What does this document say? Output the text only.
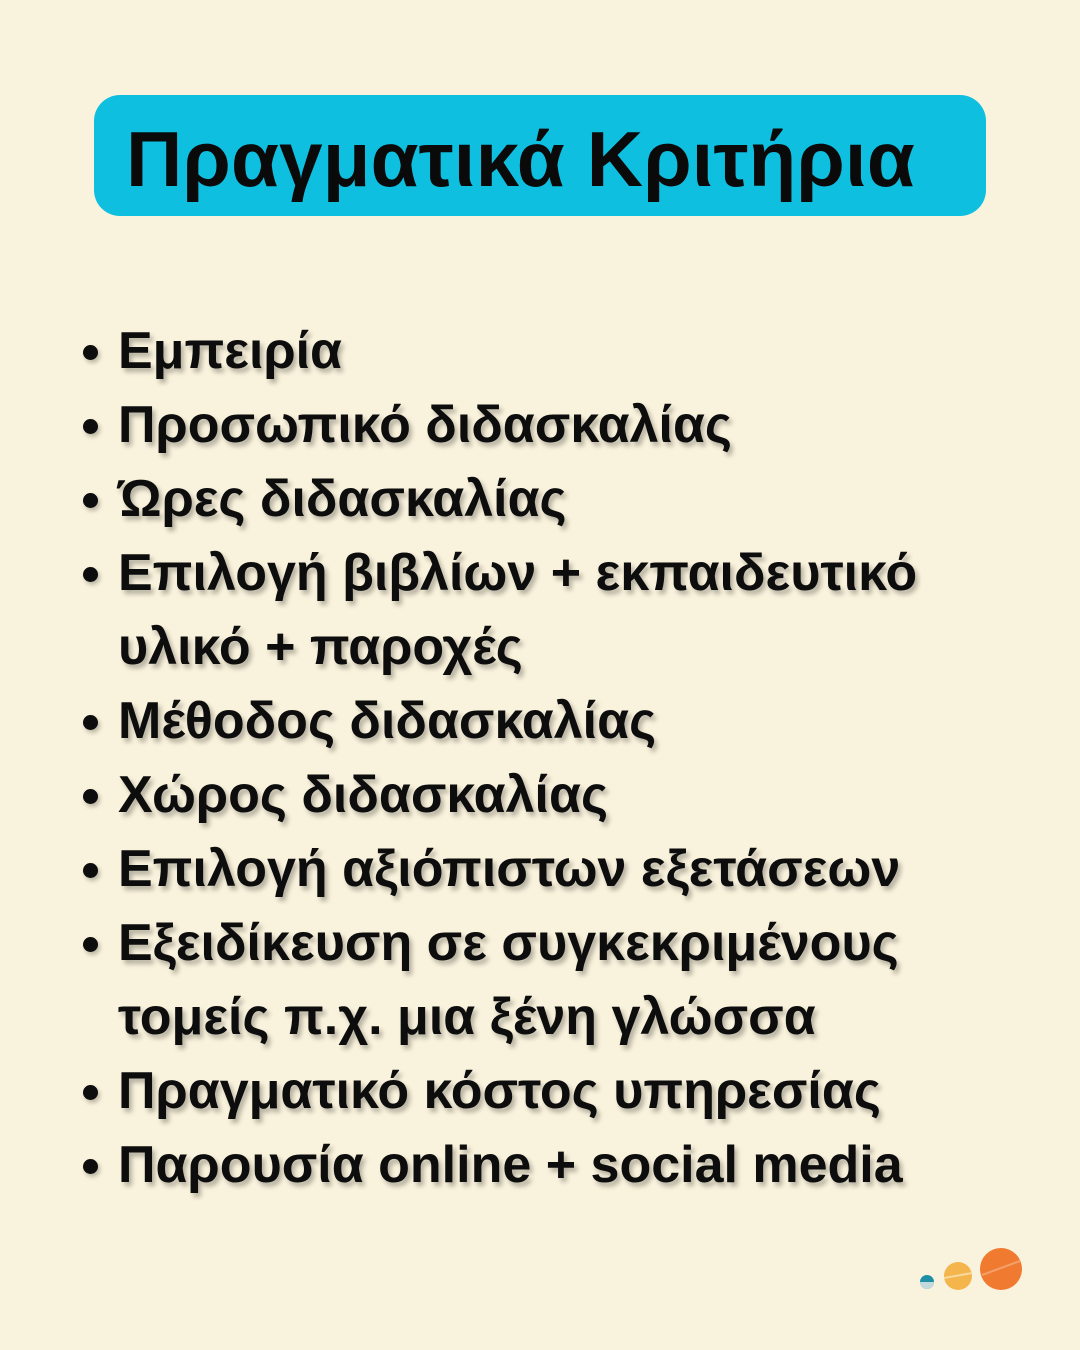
Πραγματικά Κριτήρια
Εμπειρία
Προσωπικό διδασκαλίας
Ώρες διδασκαλίας
Επιλογή βιβλίων + εκπαιδευτικό υλικό + παροχές
Μέθοδος διδασκαλίας
Χώρος διδασκαλίας
Επιλογή αξιόπιστων εξετάσεων
Εξειδίκευση σε συγκεκριμένους τομείς π.χ. μια ξένη γλώσσα
Πραγματικό κόστος υπηρεσίας
Παρουσία online + social media
